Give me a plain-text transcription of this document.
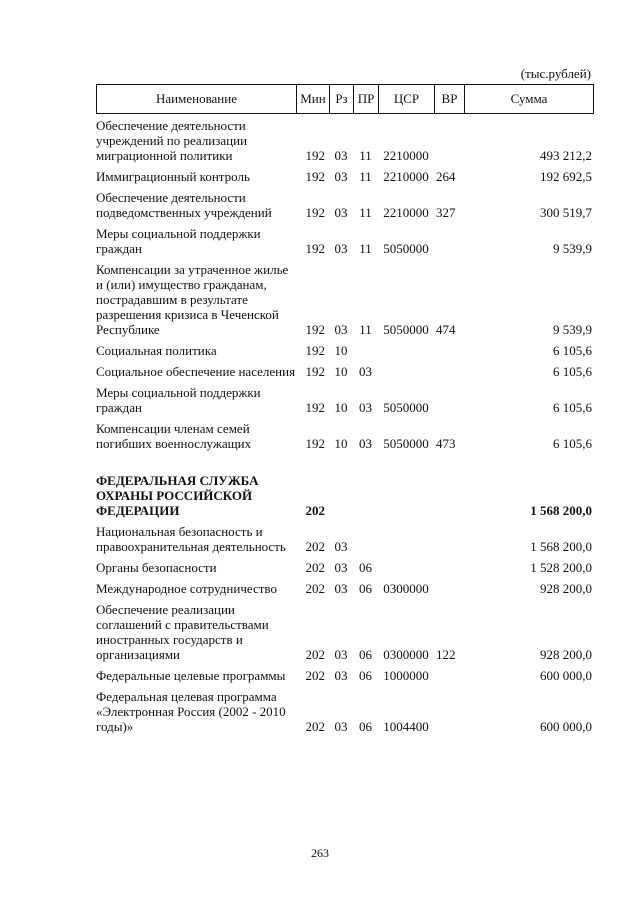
(тыс.рублей)
Наименование	Мин Рз ПР	ЦСР	ВР	Сумма
Обеспечение деятельности учреждений по реализации миграционной политики	192 03 11 2210000	493 212,2
Иммиграционный контроль	192 03 11 2210000 264	192 692,5
Обеспечение деятельности подведомственных учреждений	192 03 11 2210000 327	300 519,7
Меры социальной поддержки граждан	192 03 11 5050000	9 539,9
Компенсации за утраченное жилье и (или) имущество гражданам, пострадавшим в результате разрешения кризиса в Чеченской Республике	192 03 11 5050000 474	9 539,9
Социальная политика	192 10	6 105,6
Социальное обеспечение населения 192 10 03	6 105,6
Меры социальной поддержки граждан	192 10 03 5050000	6 105,6
Компенсации членам семей погибших военнослужащих	192 10 03 5050000 473	6 105,6
ФЕДЕРАЛЬНАЯ СЛУЖБА ОХРАНЫ РОССИЙСКОЙ ФЕДЕРАЦИИ	202	1 568 200,0
Национальная безопасность и правоохранительная деятельность	202 03	1 568 200,0
Органы безопасности	202 03 06	1 528 200,0
Международное сотрудничество	202 03 06 0300000	928 200,0
Обеспечение реализации соглашений с правительствами иностранных государств и организациями	202 03 06 0300000 122	928 200,0
Федеральные целевые программы	202 03 06 1000000	600 000,0
Федеральная целевая программа «Электронная Россия (2002 - 2010 годы)»	202 03 06 1004400	600 000,0
263
